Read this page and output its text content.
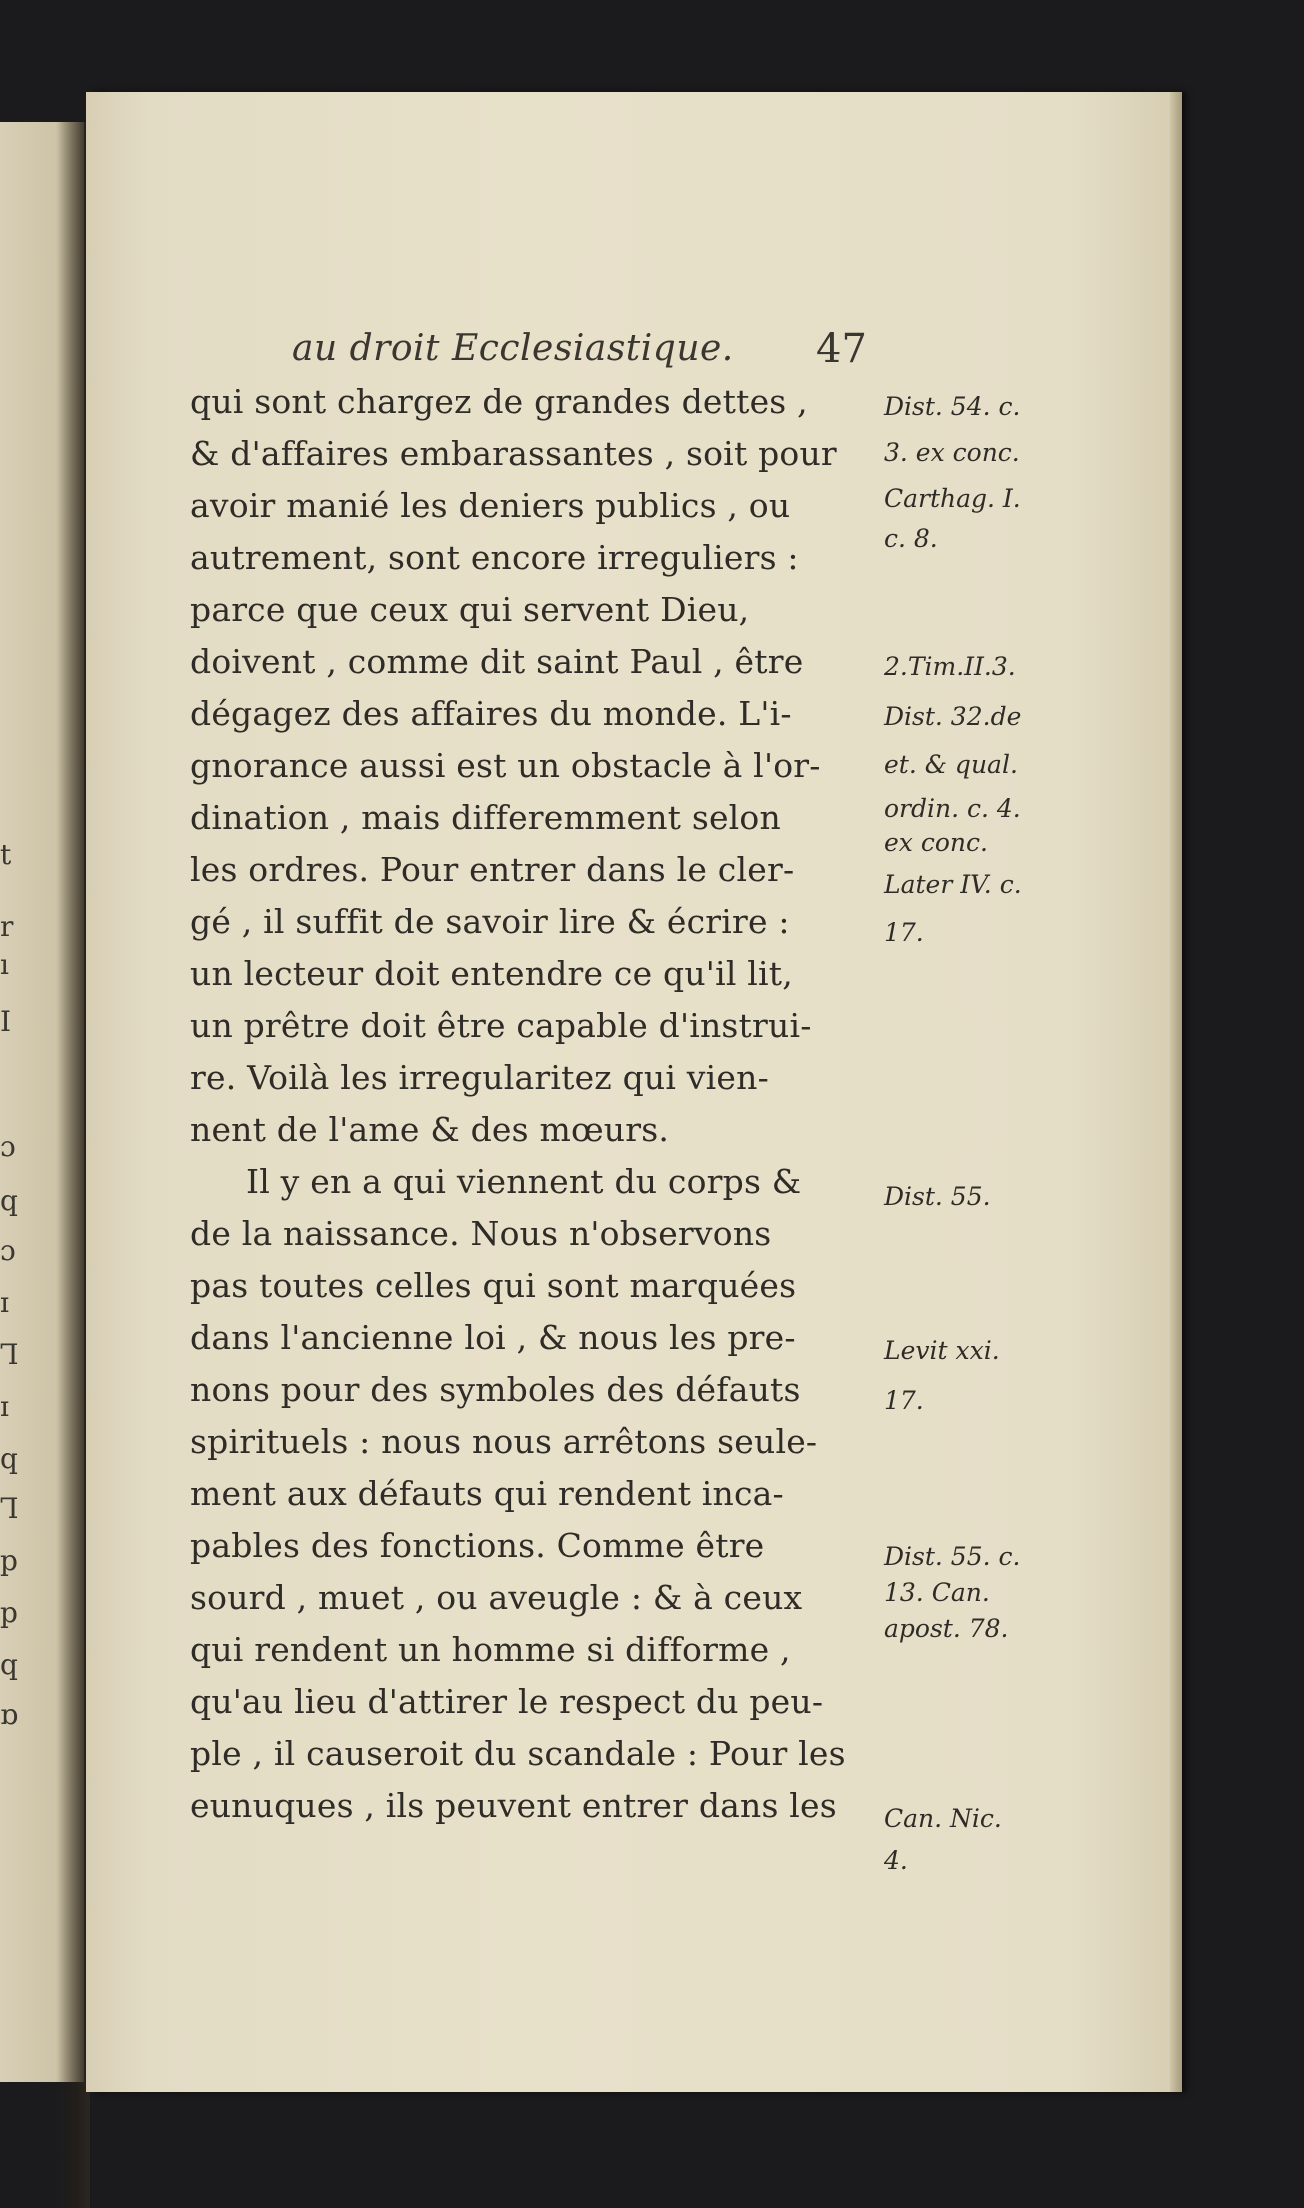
t
r
ı
I
ɔ
q
ɔ
ɪ
Ꞁ
ɪ
q
Ꞁ
p
p
q
ɒ
au droit Ecclesiastique. 47
qui sont chargez de grandes dettes ,
& d'affaires embarassantes , soit pour
avoir manié les deniers publics , ou
autrement, sont encore irreguliers :
parce que ceux qui servent Dieu,
doivent , comme dit saint Paul , être
dégagez des affaires du monde. L'i-
gnorance aussi est un obstacle à l'or-
dination , mais differemment selon
les ordres. Pour entrer dans le cler-
gé , il suffit de savoir lire & écrire :
un lecteur doit entendre ce qu'il lit,
un prêtre doit être capable d'instrui-
re. Voilà les irregularitez qui vien-
nent de l'ame & des mœurs.
Il y en a qui viennent du corps &
de la naissance. Nous n'observons
pas toutes celles qui sont marquées
dans l'ancienne loi , & nous les pre-
nons pour des symboles des défauts
spirituels : nous nous arrêtons seule-
ment aux défauts qui rendent inca-
pables des fonctions. Comme être
sourd , muet , ou aveugle : & à ceux
qui rendent un homme si difforme ,
qu'au lieu d'attirer le respect du peu-
ple , il causeroit du scandale : Pour les
eunuques , ils peuvent entrer dans les
Dist. 54. c.
3. ex conc.
Carthag. I.
c. 8.
2.Tim.II.3.
Dist. 32.de
et. & qual.
ordin. c. 4.
ex conc.
Later IV. c.
17.
Dist. 55.
Levit xxi.
17.
Dist. 55. c.
13. Can.
apost. 78.
Can. Nic.
4.
